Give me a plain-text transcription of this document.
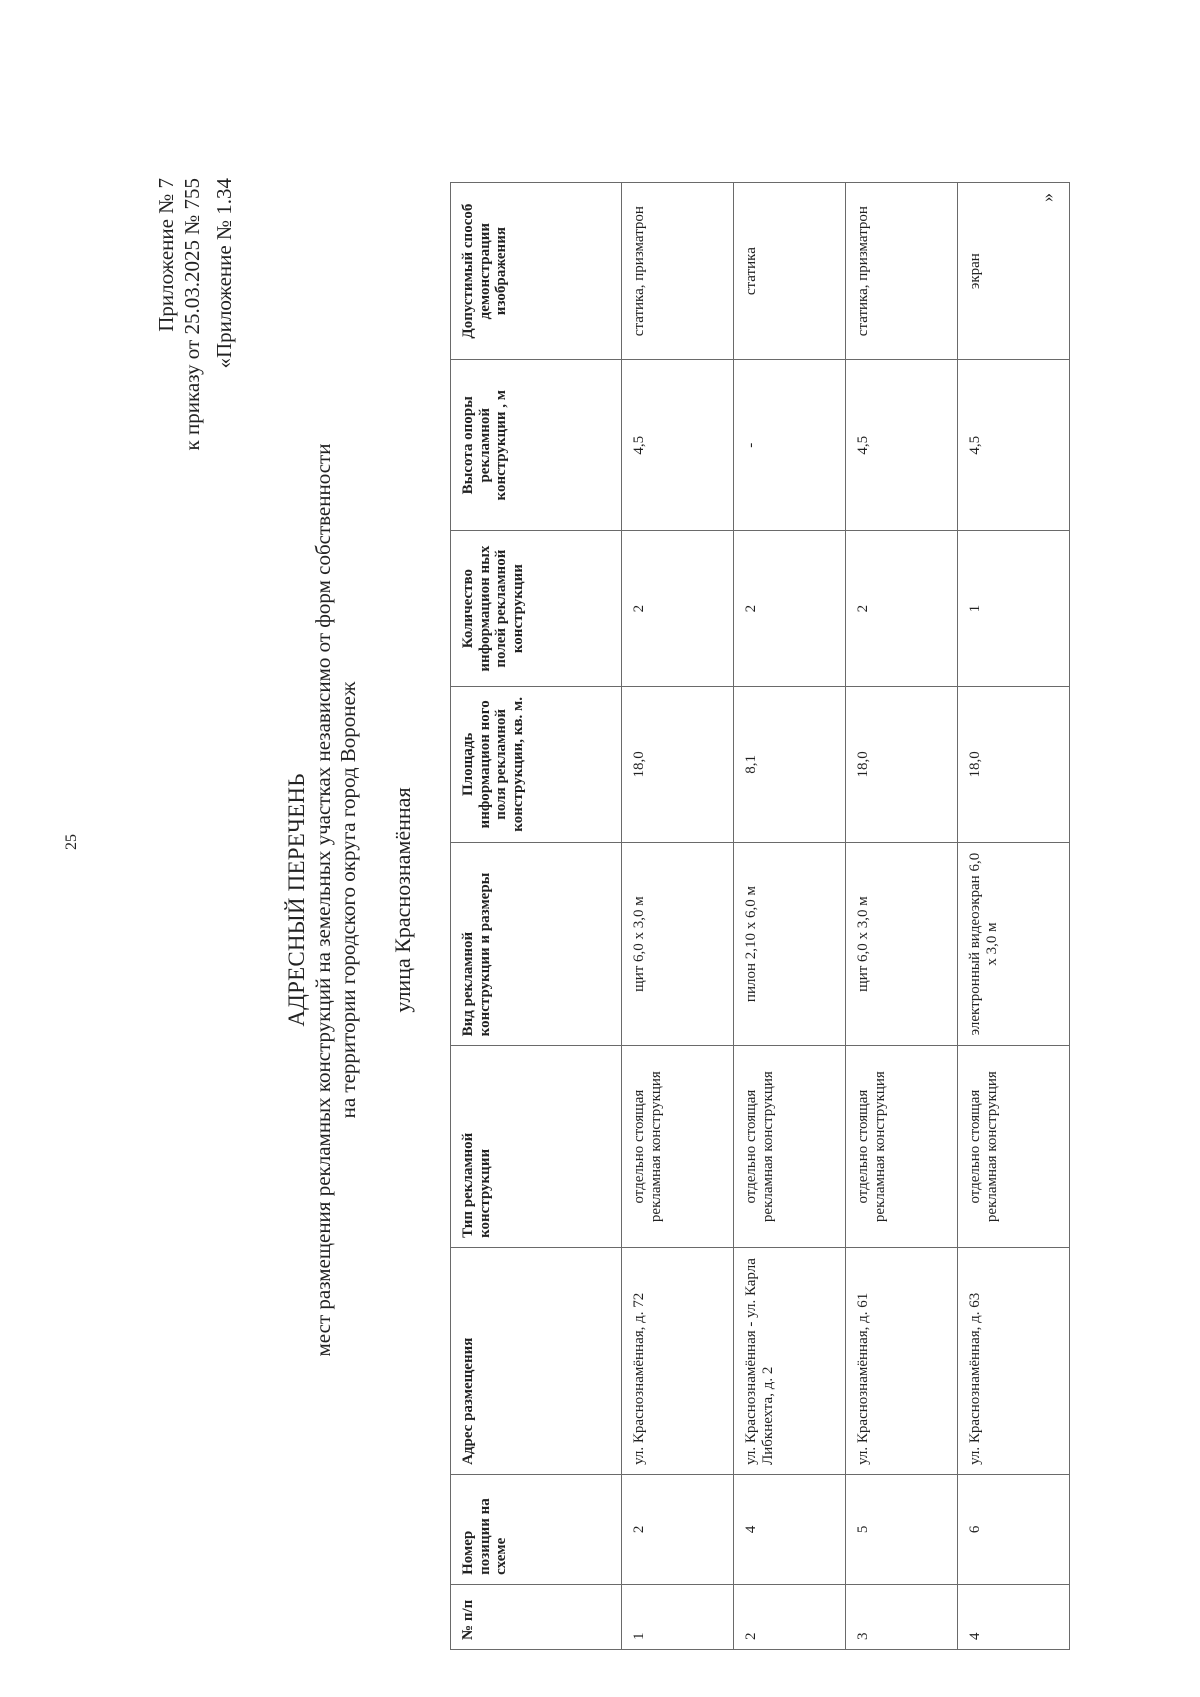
25
Приложение № 7 к приказу от 25.03.2025 № 755 «Приложение № 1.34
АДРЕСНЫЙ ПЕРЕЧЕНЬ мест размещения рекламных конструкций на земельных участках независимо от форм собственности на территории городского округа город Воронеж улица Краснознамённая
№ п/п	Номер позиции на схеме	Адрес размещения	Тип рекламной конструкции	Вид рекламной конструкции и размеры	Площадь информацион ного поля рекламной конструкции, кв. м.	Количество информацион ных полей рекламной конструкции	Высота опоры рекламной конструкции , м	Допустимый способ демонстрации изображения
1	2	ул. Краснознамённая, д. 72	отдельно стоящая рекламная конструкция	щит 6,0 х 3,0 м	18,0	2	4,5	статика, призматрон
2	4	ул. Краснознамённая - ул. Карла Либкнехта, д. 2	отдельно стоящая рекламная конструкция	пилон 2,10 х 6,0 м	8,1	2	-	статика
3	5	ул. Краснознамённая, д. 61	отдельно стоящая рекламная конструкция	щит 6,0 х 3,0 м	18,0	2	4,5	статика, призматрон
4	6	ул. Краснознамённая, д. 63	отдельно стоящая рекламная конструкция	электронный видеоэкран 6,0 х 3,0 м	18,0	1	4,5	экран
»
